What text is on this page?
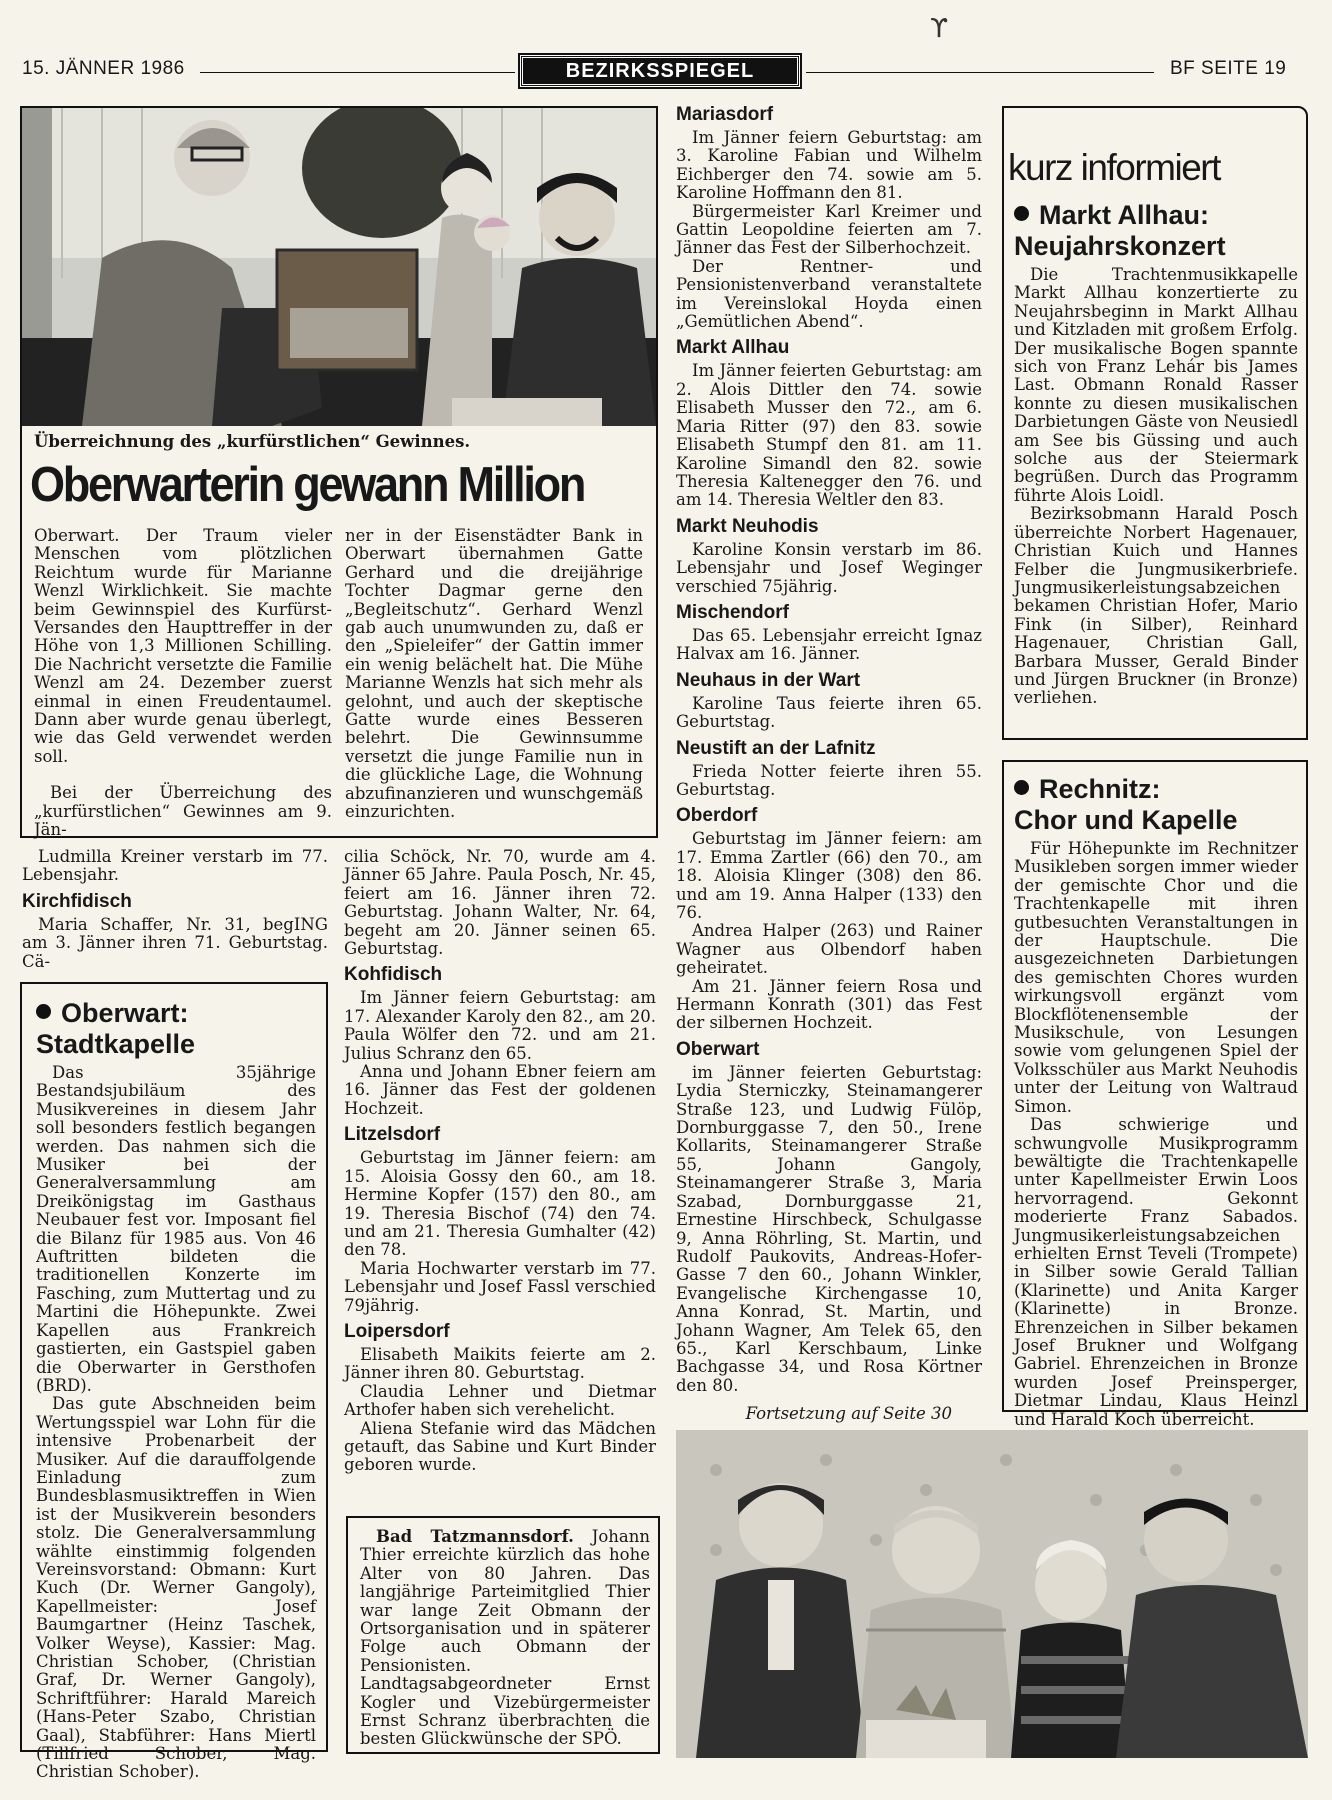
15. JÄNNER 1986	BEZIRKSSPIEGEL	BF SEITE 19
ϒ
Überreichnung des „kurfürstlichen“ Gewinnes.
Oberwarterin gewann Million

Oberwart. Der Traum vieler Menschen vom plötzlichen Reichtum wurde für Marianne Wenzl Wirklichkeit. Sie machte beim Gewinnspiel des Kurfürst-Versandes den Haupttreffer in der Höhe von 1,3 Millionen Schilling. Die Nachricht versetzte die Familie Wenzl am 24. Dezember zuerst einmal in einen Freudentaumel. Dann aber wurde genau überlegt, wie das Geld verwendet werden soll.

Bei der Überreichung des „kurfürstlichen“ Gewinnes am 9. Jän-

ner in der Eisenstädter Bank in Oberwart übernahmen Gatte Gerhard und die dreijährige Tochter Dagmar gerne den „Begleitschutz“. Gerhard Wenzl gab auch unumwunden zu, daß er den „Spieleifer“ der Gattin immer ein wenig belächelt hat. Die Mühe Marianne Wenzls hat sich mehr als gelohnt, und auch der skeptische Gatte wurde eines Besseren belehrt. Die Gewinnsumme versetzt die junge Familie nun in die glückliche Lage, die Wohnung abzufinanzieren und wunschgemäß einzurichten.

Ludmilla Kreiner verstarb im 77. Lebensjahr.

Kirchfidisch

Maria Schaffer, Nr. 31, begING am 3. Jänner ihren 71. Geburtstag. Cä-

Oberwart:
Stadtkapelle

Das 35jährige Bestandsjubiläum des Musikvereines in diesem Jahr soll besonders festlich begangen werden. Das nahmen sich die Musiker bei der Generalversammlung am Dreikönigstag im Gasthaus Neubauer fest vor. Imposant fiel die Bilanz für 1985 aus. Von 46 Auftritten bildeten die traditionellen Konzerte im Fasching, zum Muttertag und zu Martini die Höhepunkte. Zwei Kapellen aus Frankreich gastierten, ein Gastspiel gaben die Oberwarter in Gersthofen (BRD).

Das gute Abschneiden beim Wertungsspiel war Lohn für die intensive Probenarbeit der Musiker. Auf die darauffolgende Einladung zum Bundesblasmusiktreffen in Wien ist der Musikverein besonders stolz. Die Generalversammlung wählte einstimmig folgenden Vereinsvorstand: Obmann: Kurt Kuch (Dr. Werner Gangoly), Kapellmeister: Josef Baumgartner (Heinz Taschek, Volker Weyse), Kassier: Mag. Christian Schober, (Christian Graf, Dr. Werner Gangoly), Schriftführer: Harald Mareich (Hans-Peter Szabo, Christian Gaal), Stabführer: Hans Miertl (Tillfried Schober, Mag. Christian Schober).

cilia Schöck, Nr. 70, wurde am 4. Jänner 65 Jahre. Paula Posch, Nr. 45, feiert am 16. Jänner ihren 72. Geburtstag. Johann Walter, Nr. 64, begeht am 20. Jänner seinen 65. Geburtstag.

Kohfidisch

Im Jänner feiern Geburtstag: am 17. Alexander Karoly den 82., am 20. Paula Wölfer den 72. und am 21. Julius Schranz den 65.

Anna und Johann Ebner feiern am 16. Jänner das Fest der goldenen Hochzeit.

Litzelsdorf

Geburtstag im Jänner feiern: am 15. Aloisia Gossy den 60., am 18. Hermine Kopfer (157) den 80., am 19. Theresia Bischof (74) den 74. und am 21. Theresia Gumhalter (42) den 78.

Maria Hochwarter verstarb im 77. Lebensjahr und Josef Fassl verschied 79jährig.

Loipersdorf

Elisabeth Maikits feierte am 2. Jänner ihren 80. Geburtstag.

Claudia Lehner und Dietmar Arthofer haben sich verehelicht.

Aliena Stefanie wird das Mädchen getauft, das Sabine und Kurt Binder geboren wurde.

Bad Tatzmannsdorf. Johann Thier erreichte kürzlich das hohe Alter von 80 Jahren. Das langjährige Parteimitglied Thier war lange Zeit Obmann der Ortsorganisation und in späterer Folge auch Obmann der Pensionisten. Landtagsabgeordneter Ernst Kogler und Vizebürgermeister Ernst Schranz überbrachten die besten Glückwünsche der SPÖ.

Mariasdorf

Im Jänner feiern Geburtstag: am 3. Karoline Fabian und Wilhelm Eichberger den 74. sowie am 5. Karoline Hoffmann den 81.

Bürgermeister Karl Kreimer und Gattin Leopoldine feierten am 7. Jänner das Fest der Silberhochzeit.

Der Rentner- und Pensionistenverband veranstaltete im Vereinslokal Hoyda einen „Gemütlichen Abend“.

Markt Allhau

Im Jänner feierten Geburtstag: am 2. Alois Dittler den 74. sowie Elisabeth Musser den 72., am 6. Maria Ritter (97) den 83. sowie Elisabeth Stumpf den 81. am 11. Karoline Simandl den 82. sowie Theresia Kaltenegger den 76. und am 14. Theresia Weltler den 83.

Markt Neuhodis

Karoline Konsin verstarb im 86. Lebensjahr und Josef Weginger verschied 75jährig.

Mischendorf

Das 65. Lebensjahr erreicht Ignaz Halvax am 16. Jänner.

Neuhaus in der Wart

Karoline Taus feierte ihren 65. Geburtstag.

Neustift an der Lafnitz

Frieda Notter feierte ihren 55. Geburtstag.

Oberdorf

Geburtstag im Jänner feiern: am 17. Emma Zartler (66) den 70., am 18. Aloisia Klinger (308) den 86. und am 19. Anna Halper (133) den 76.

Andrea Halper (263) und Rainer Wagner aus Olbendorf haben geheiratet.

Am 21. Jänner feiern Rosa und Hermann Konrath (301) das Fest der silbernen Hochzeit.

Oberwart

im Jänner feierten Geburtstag: Lydia Sterniczky, Steinamangerer Straße 123, und Ludwig Fülöp, Dornburggasse 7, den 50., Irene Kollarits, Steinamangerer Straße 55, Johann Gangoly, Steinamangerer Straße 3, Maria Szabad, Dornburggasse 21, Ernestine Hirschbeck, Schulgasse 9, Anna Röhrling, St. Martin, und Rudolf Paukovits, Andreas-Hofer-Gasse 7 den 60., Johann Winkler, Evangelische Kirchengasse 10, Anna Konrad, St. Martin, und Johann Wagner, Am Telek 65, den 65., Karl Kerschbaum, Linke Bachgasse 34, und Rosa Körtner den 80.

Fortsetzung auf Seite 30
kurz informiert
Markt Allhau:
Neujahrskonzert

Die Trachtenmusikkapelle Markt Allhau konzertierte zu Neujahrsbeginn in Markt Allhau und Kitzladen mit großem Erfolg. Der musikalische Bogen spannte sich von Franz Lehár bis James Last. Obmann Ronald Rasser konnte zu diesen musikalischen Darbietungen Gäste von Neusiedl am See bis Güssing und auch solche aus der Steiermark begrüßen. Durch das Programm führte Alois Loidl.

Bezirksobmann Harald Posch überreichte Norbert Hagenauer, Christian Kuich und Hannes Felber die Jungmusikerbriefe. Jungmusikerleistungsabzeichen bekamen Christian Hofer, Mario Fink (in Silber), Reinhard Hagenauer, Christian Gall, Barbara Musser, Gerald Binder und Jürgen Bruckner (in Bronze) verliehen.

Rechnitz:
Chor und Kapelle

Für Höhepunkte im Rechnitzer Musikleben sorgen immer wieder der gemischte Chor und die Trachtenkapelle mit ihren gutbesuchten Veranstaltungen in der Hauptschule. Die ausgezeichneten Darbietungen des gemischten Chores wurden wirkungsvoll ergänzt vom Blockflötenensemble der Musikschule, von Lesungen sowie vom gelungenen Spiel der Volksschüler aus Markt Neuhodis unter der Leitung von Waltraud Simon.

Das schwierige und schwungvolle Musikprogramm bewältigte die Trachtenkapelle unter Kapellmeister Erwin Loos hervorragend. Gekonnt moderierte Franz Sabados. Jungmusikerleistungsabzeichen erhielten Ernst Teveli (Trompete) in Silber sowie Gerald Tallian (Klarinette) und Anita Karger (Klarinette) in Bronze. Ehrenzeichen in Silber bekamen Josef Brukner und Wolfgang Gabriel. Ehrenzeichen in Bronze wurden Josef Preinsperger, Dietmar Lindau, Klaus Heinzl und Harald Koch überreicht.
